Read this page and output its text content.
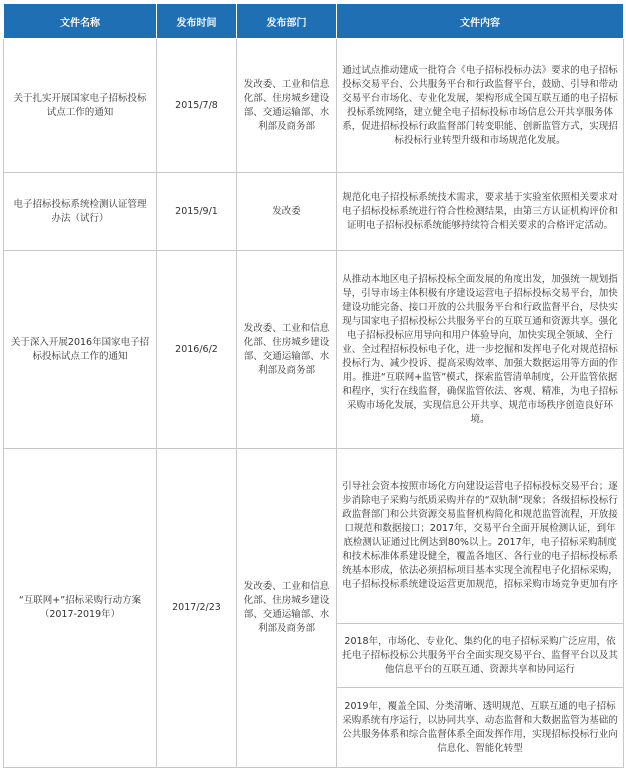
文件名称	发布时间	发布部门	文件内容
关于扎实开展国家电子招标投标试点工作的通知	2015/7/8	发改委、工业和信息化部、住房城乡建设部、交通运输部、水利部及商务部	通过试点推动建成一批符合《电子招标投标办法》要求的电子招标投标交易平台、公共服务平台和行政监督平台，鼓励、引导和带动交易平台市场化、专业化发展，架构形成全国互联互通的电子招标投标系统网络，建立健全电子招标投标市场信息公开共享服务体系，促进招标投标行政监督部门转变职能、创新监管方式，实现招标投标行业转型升级和市场规范化发展。
电子招标投标系统检测认证管理办法（试行）	2015/9/1	发改委	规范化电子招投标系统技术需求，要求基于实验室依照相关要求对电子招标投标系统进行符合性检测结果，由第三方认证机构评价和证明电子招标投标系统能够持续符合相关要求的合格评定活动。
关于深入开展2016年国家电子招标投标试点工作的通知	2016/6/2	发改委、工业和信息化部、住房城乡建设部、交通运输部、水利部及商务部	从推动本地区电子招标投标全面发展的角度出发，加强统一规划指导，引导市场主体积极有序建设运营电子招标投标交易平台，加快建设功能完备、接口开放的公共服务平台和行政监督平台，尽快实现与国家电子招标投标公共服务平台的互联互通和资源共享。强化电子招标投标应用导向和用户体验导向，加快实现全领域、全行业、全过程招标投标电子化，进一步挖掘和发挥电子化对规范招标投标行为、减少投诉、提高采购效率、加强大数据运用等方面的作用。推进“互联网+监管”模式，探索监管清单制度，公开监管依据和程序，实行在线监督，确保监管依法、客观、精准，为电子招标采购市场化发展，实现信息公开共享、规范市场秩序创造良好环境。
“互联网+”招标采购行动方案（2017-2019年）	2017/2/23	发改委、工业和信息化部、住房城乡建设部、交通运输部、水利部及商务部	引导社会资本按照市场化方向建设运营电子招标投标交易平台；逐步消除电子采购与纸质采购并存的“双轨制”现象；各级招标投标行政监督部门和公共资源交易监督机构简化和规范监管流程，开放接口规范和数据接口；2017年，交易平台全面开展检测认证，到年底检测认证通过比例达到80%以上。2017年，电子招标采购制度和技术标准体系建设健全，覆盖各地区、各行业的电子招标投标系统基本形成，依法必须招标项目基本实现全流程电子化招标采购，电子招标投标系统建设运营更加规范，招标采购市场竞争更加有序
			2018年，市场化、专业化、集约化的电子招标采购广泛应用，依托电子招标投标公共服务平台全面实现交易平台、监督平台以及其他信息平台的互联互通、资源共享和协同运行
			2019年，覆盖全国、分类清晰、透明规范、互联互通的电子招标采购系统有序运行，以协同共享、动态监督和大数据监管为基础的公共服务体系和综合监督体系全面发挥作用，实现招标投标行业向信息化、智能化转型
